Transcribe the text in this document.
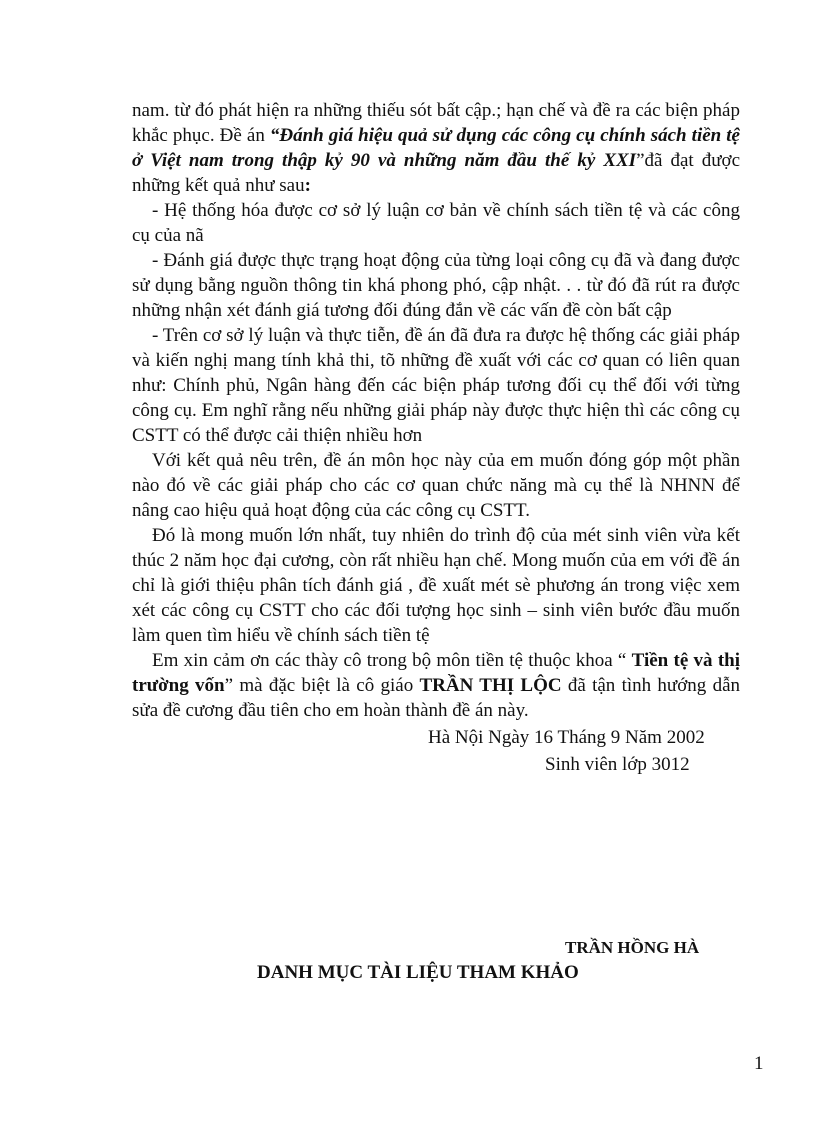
nam. từ đó phát hiện ra những thiếu sót bất cập.; hạn chế và đề ra các biện pháp khắc phục. Đề án “Đánh giá hiệu quả sử dụng các công cụ chính sách tiền tệ ở Việt nam trong thập kỷ 90 và những năm đầu thế kỷ XXI”đã đạt được những kết quả như sau:

- Hệ thống hóa được cơ sở lý luận cơ bản về chính sách tiền tệ và các công cụ của nã

- Đánh giá được thực trạng hoạt động của từng loại công cụ đã và đang được sử dụng bằng nguồn thông tin khá phong phó, cập nhật. . . từ đó đã rút ra được những nhận xét đánh giá tương đối đúng đắn về các vấn đề còn bất cập

- Trên cơ sở lý luận và thực tiễn, đề án đã đưa ra được hệ thống các giải pháp và kiến nghị mang tính khả thi, tõ những đề xuất với các cơ quan có liên quan như: Chính phủ, Ngân hàng đến các biện pháp tương đối cụ thể đối với từng công cụ. Em nghĩ rằng nếu những giải pháp này được thực hiện thì các công cụ CSTT có thể được cải thiện nhiều hơn

Với kết quả nêu trên, đề án môn học này của em muốn đóng góp một phần nào đó về các giải pháp cho các cơ quan chức năng mà cụ thể là NHNN để nâng cao hiệu quả hoạt động của các công cụ CSTT.

Đó là mong muốn lớn nhất, tuy nhiên do trình độ của mét sinh viên vừa kết thúc 2 năm học đại cương, còn rất nhiều hạn chế. Mong muốn của em với đề án chỉ là giới thiệu phân tích đánh giá , đề xuất mét sè phương án trong việc xem xét các công cụ CSTT cho các đối tượng học sinh – sinh viên bước đầu muốn làm quen tìm hiểu về chính sách tiền tệ

Em xin cảm ơn các thày cô trong bộ môn tiền tệ thuộc khoa “ Tiền tệ và thị trường vốn” mà đặc biệt là cô giáo TRẦN THỊ LỘC đã tận tình hướng dẫn sửa đề cương đầu tiên cho em hoàn thành đề án này.

Hà Nội Ngày 16 Tháng 9 Năm 2002

Sinh viên lớp 3012

TRẦN HỒNG HÀ
DANH MỤC TÀI LIỆU THAM KHẢO
1
